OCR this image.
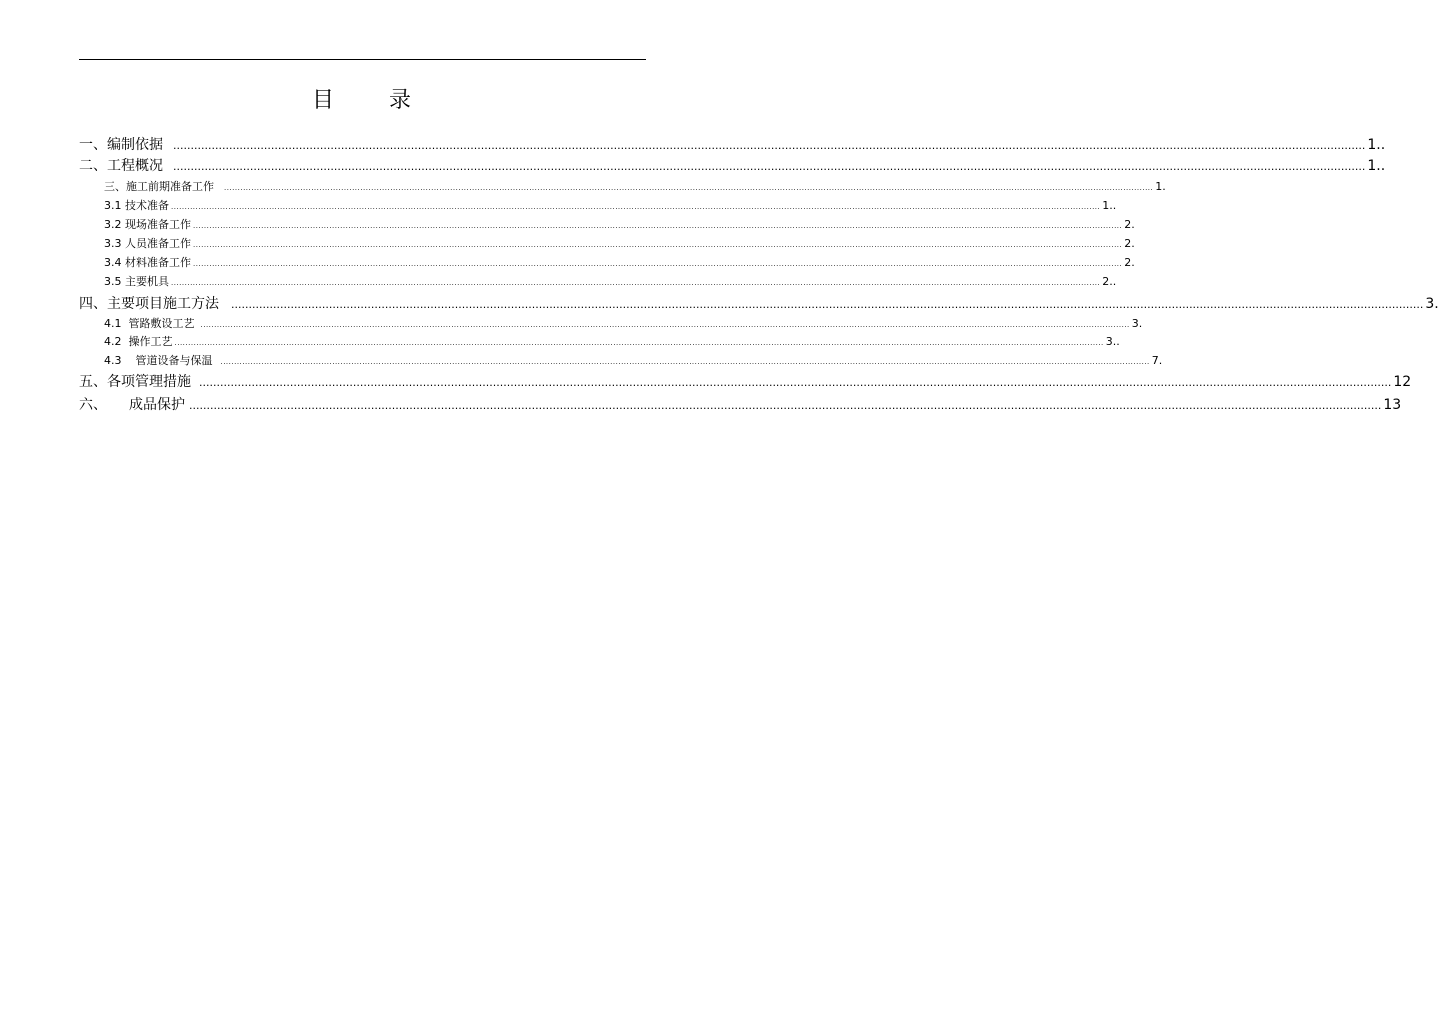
目 录
一、编制依据 ..................................................................................................................................................................................................................................................................................................................................................... 1..
二、工程概况 ..................................................................................................................................................................................................................................................................................................................................................... 1..
三、施工前期准备工作 ..................................................................................................................................................................................................................................................................................................................................................... 1.
3.1 技术准备 ..................................................................................................................................................................................................................................................................................................................................................... 1..
3.2 现场准备工作 ..................................................................................................................................................................................................................................................................................................................................................... 2.
3.3 人员准备工作 ..................................................................................................................................................................................................................................................................................................................................................... 2.
3.4 材料准备工作 ..................................................................................................................................................................................................................................................................................................................................................... 2.
3.5 主要机具 ..................................................................................................................................................................................................................................................................................................................................................... 2..
四、主要项目施工方法 ..................................................................................................................................................................................................................................................................................................................................................... 3.
4.1  管路敷设工艺 ..................................................................................................................................................................................................................................................................................................................................................... 3.
4.2  操作工艺 ..................................................................................................................................................................................................................................................................................................................................................... 3..
4.3    管道设备与保温 ..................................................................................................................................................................................................................................................................................................................................................... 7.
五、各项管理措施 ..................................................................................................................................................................................................................................................................................................................................................... 12
六、 成品保护 ..................................................................................................................................................................................................................................................................................................................................................... 13
